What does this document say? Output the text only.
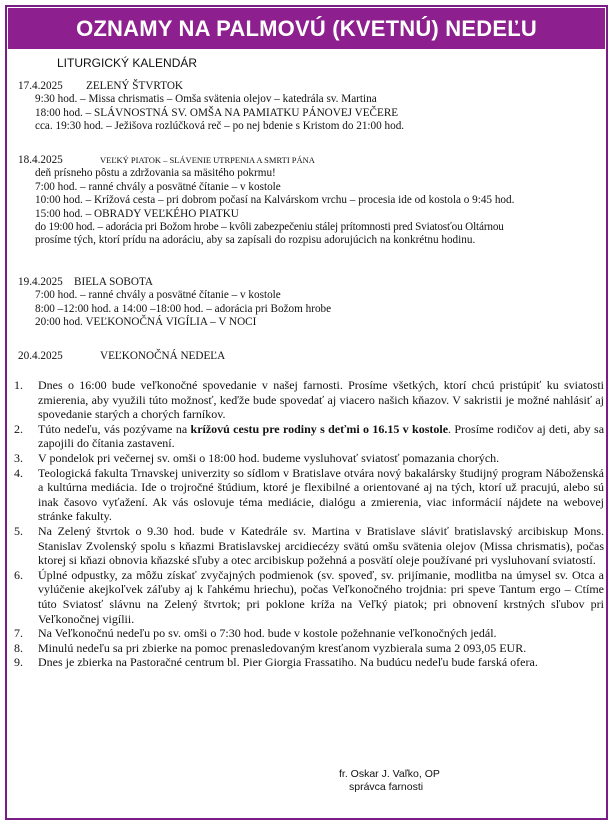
OZNAMY NA PALMOVÚ (KVETNÚ) NEDEĽU
LITURGICKÝ KALENDÁR
17.4.2025 ZELENÝ ŠTVRTOK
9:30 hod. – Missa chrismatis – Omša svätenia olejov – katedrála sv. Martina
18:00 hod. – SLÁVNOSTNÁ SV. OMŠA NA PAMIATKU PÁNOVEJ VEČERE
cca. 19:30 hod. – Ježišova rozlúčková reč – po nej bdenie s Kristom do 21:00 hod.
18.4.2025	VEĽKÝ PIATOK – SLÁVENIE UTRPENIA A SMRTI PÁNA
deň prísneho pôstu a zdržovania sa mäsitého pokrmu!
7:00 hod. – ranné chvály a posvätné čítanie – v kostole
10:00 hod. – Krížová cesta – pri dobrom počasí na Kalvárskom vrchu – procesia ide od kostola o 9:45 hod.
15:00 hod. – OBRADY VEĽKÉHO PIATKU
do 19:00 hod. – adorácia pri Božom hrobe – kvôli zabezpečeniu stálej prítomnosti pred Sviatosťou Oltárnou
prosíme tých, ktorí prídu na adoráciu, aby sa zapísali do rozpisu adorujúcich na konkrétnu hodinu.
19.4.2025 BIELA SOBOTA
7:00 hod. – ranné chvály a posvätné čítanie – v kostole
8:00 –12:00 hod. a 14:00 –18:00 hod. – adorácia pri Božom hrobe
20:00 hod. VEĽKONOČNÁ VIGÍLIA – V NOCI
20.4.2025	VEĽKONOČNÁ NEDEĽA
1. Dnes o 16:00 bude veľkonočné spovedanie v našej farnosti. Prosíme všetkých, ktorí chcú pristúpiť ku sviatosti zmierenia, aby využili túto možnosť, keďže bude spovedať aj viacero našich kňazov. V sakristii je možné nahlásiť aj spovedanie starých a chorých farníkov.
2. Túto nedeľu, vás pozývame na krížovú cestu pre rodiny s deťmi o 16.15 v kostole. Prosíme rodičov aj deti, aby sa zapojili do čítania zastavení.
3. V pondelok pri večernej sv. omši o 18:00 hod. budeme vysluhovať sviatosť pomazania chorých.
4. Teologická fakulta Trnavskej univerzity so sídlom v Bratislave otvára nový bakalársky študijný program Náboženská a kultúrna mediácia. Ide o trojročné štúdium, ktoré je flexibilné a orientované aj na tých, ktorí už pracujú, alebo sú inak časovo vyťažení. Ak vás oslovuje téma mediácie, dialógu a zmierenia, viac informácií nájdete na webovej stránke fakulty.
5. Na Zelený štvrtok o 9.30 hod. bude v Katedrále sv. Martina v Bratislave sláviť bratislavský arcibiskup Mons. Stanislav Zvolenský spolu s kňazmi Bratislavskej arcidiecézy svätú omšu svätenia olejov (Missa chrismatis), počas ktorej si kňazi obnovia kňazské sľuby a otec arcibiskup požehná a posvätí oleje používané pri vysluhovaní sviatostí.
6. Úplné odpustky, za môžu získať zvyčajných podmienok (sv. spoveď, sv. prijímanie, modlitba na úmysel sv. Otca a vylúčenie akejkoľvek záľuby aj k ľahkému hriechu), počas Veľkonočného trojdnia: pri speve Tantum ergo – Ctíme túto Sviatosť slávnu na Zelený štvrtok; pri poklone kríža na Veľký piatok; pri obnovení krstných sľubov pri Veľkonočnej vigílii.
7. Na Veľkonočnú nedeľu po sv. omši o 7:30 hod. bude v kostole požehnanie veľkonočných jedál.
8. Minulú nedeľu sa pri zbierke na pomoc prenasledovaným kresťanom vyzbierala suma 2 093,05 EUR.
9. Dnes je zbierka na Pastoračné centrum bl. Pier Giorgia Frassatiho. Na budúcu nedeľu bude farská ofera.
fr. Oskar J. Vaľko, OP
správca farnosti
